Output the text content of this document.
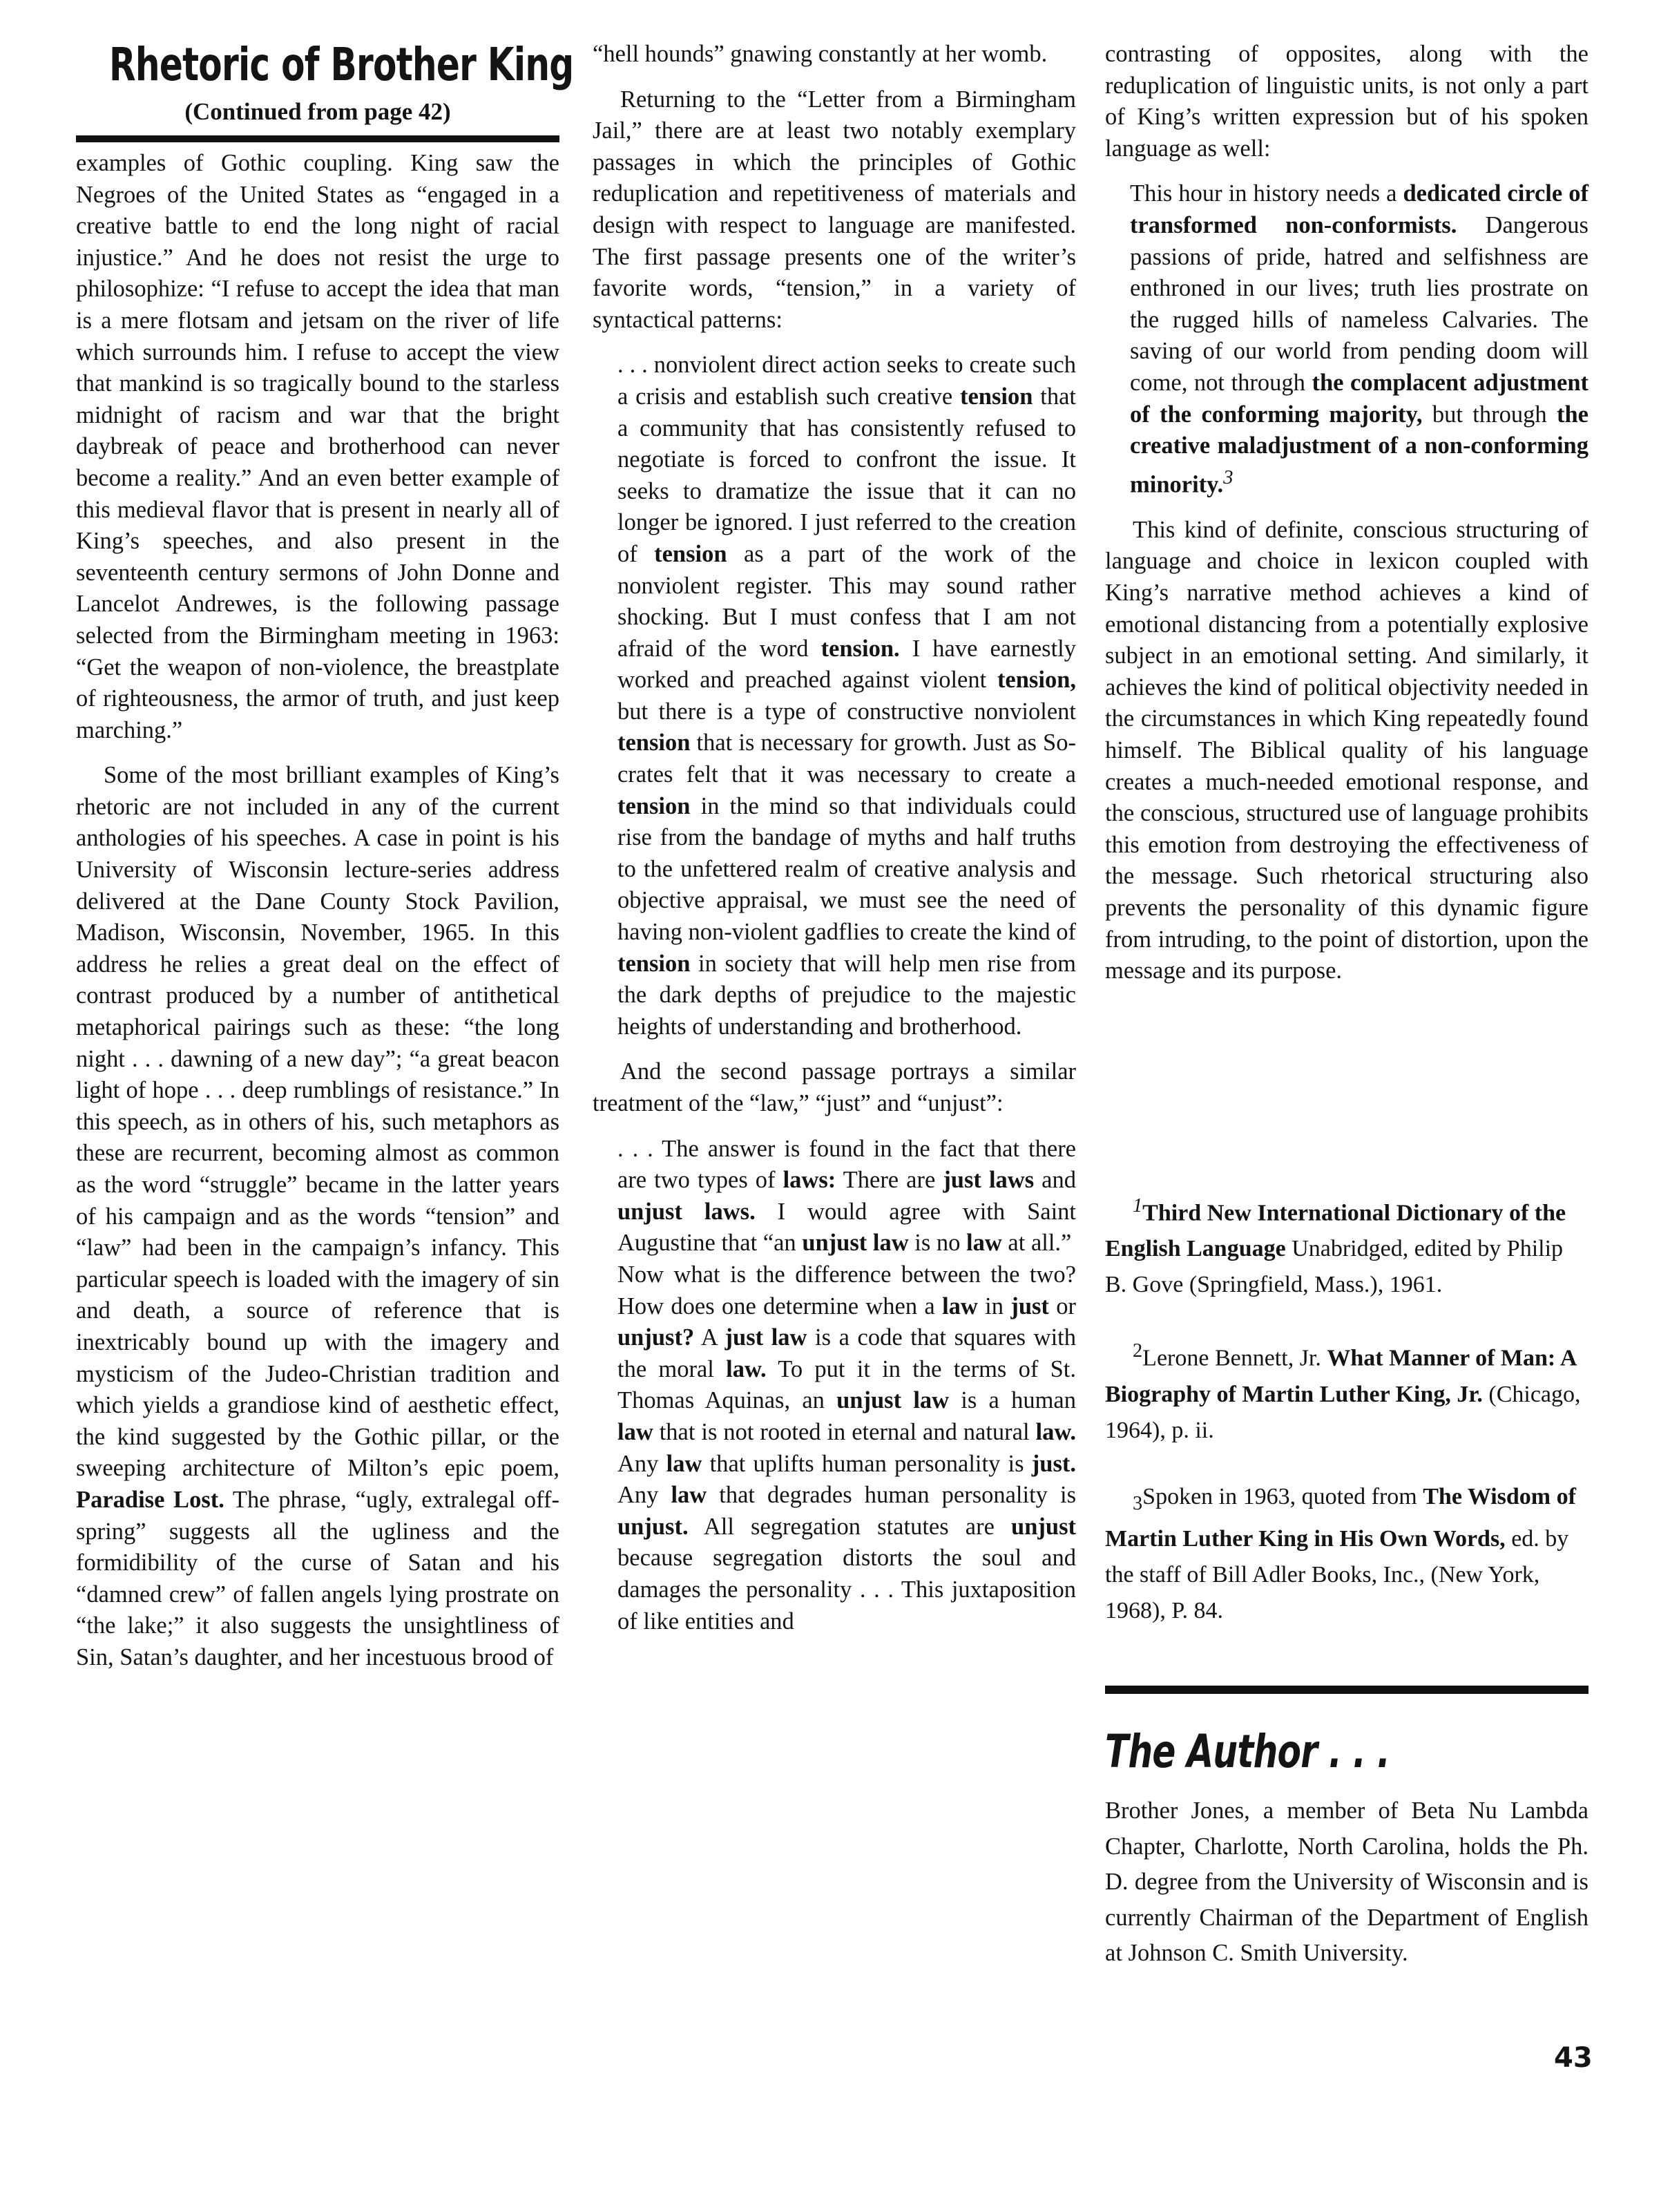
Rhetoric of Brother King
(Continued from page 42)

examples of Gothic coupling. King saw the Negroes of the United States as “engaged in a creative battle to end the long night of racial injustice.” And he does not resist the urge to philosophize: “I refuse to accept the idea that man is a mere flotsam and jetsam on the river of life which surrounds him. I refuse to accept the view that mankind is so tragically bound to the starless midnight of racism and war that the bright daybreak of peace and brotherhood can never become a reality.” And an even better example of this medieval flavor that is present in nearly all of King’s speeches, and also present in the seventeenth century sermons of John Donne and Lancelot Andrewes, is the following passage selected from the Birmingham meeting in 1963: “Get the weapon of non-violence, the breastplate of righteousness, the armor of truth, and just keep marching.”

Some of the most brilliant examples of King’s rhetoric are not included in any of the current anthologies of his speeches. A case in point is his University of Wisconsin lecture-series address delivered at the Dane County Stock Pavilion, Madison, Wisconsin, November, 1965. In this address he relies a great deal on the effect of contrast produced by a number of antithetical metaphorical pairings such as these: “the long night . . . dawning of a new day”; “a great beacon light of hope . . . deep rumblings of resistance.” In this speech, as in others of his, such metaphors as these are recurrent, becoming almost as common as the word “struggle” became in the latter years of his campaign and as the words “tension” and “law” had been in the campaign’s infancy. This particular speech is loaded with the imagery of sin and death, a source of reference that is inextricably bound up with the imagery and mysticism of the Judeo-Christian tradition and which yields a grandiose kind of aesthetic effect, the kind suggested by the Gothic pillar, or the sweeping architecture of Milton’s epic poem, Paradise Lost. The phrase, “ugly, extralegal offspring” suggests all the ugliness and the formidibility of the curse of Satan and his “damned crew” of fallen angels lying prostrate on “the lake;” it also suggests the unsightliness of Sin, Satan’s daughter, and her incestuous brood of

“hell hounds” gnawing constantly at her womb.

Returning to the “Letter from a Birmingham Jail,” there are at least two notably exemplary passages in which the principles of Gothic reduplication and repetitiveness of materials and design with respect to language are manifested. The first passage presents one of the writer’s favorite words, “tension,” in a variety of syntactical patterns:

. . . nonviolent direct action seeks to create such a crisis and establish such creative tension that a community that has consistently refused to negotiate is forced to confront the issue. It seeks to dramatize the issue that it can no longer be ignored. I just referred to the creation of tension as a part of the work of the nonviolent register. This may sound rather shocking. But I must confess that I am not afraid of the word tension. I have earnestly worked and preached against violent tension, but there is a type of constructive nonviolent tension that is necessary for growth. Just as Socrates felt that it was necessary to create a tension in the mind so that individuals could rise from the bandage of myths and half truths to the unfettered realm of creative analysis and objective appraisal, we must see the need of having non-violent gadflies to create the kind of tension in society that will help men rise from the dark depths of prejudice to the majestic heights of understanding and brotherhood.

And the second passage portrays a similar treatment of the “law,” “just” and “unjust”:

. . . The answer is found in the fact that there are two types of laws: There are just laws and unjust laws. I would agree with Saint Augustine that “an unjust law is no law at all.”
Now what is the difference between the two? How does one determine when a law in just or unjust? A just law is a code that squares with the moral law. To put it in the terms of St. Thomas Aquinas, an unjust law is a human law that is not rooted in eternal and natural law. Any law that uplifts human personality is just. Any law that degrades human personality is unjust. All segregation statutes are unjust because segregation distorts the soul and damages the personality . . . This juxtaposition of like entities and

contrasting of opposites, along with the reduplication of linguistic units, is not only a part of King’s written expression but of his spoken language as well:

This hour in history needs a dedicated circle of transformed non-conformists. Dangerous passions of pride, hatred and selfishness are enthroned in our lives; truth lies prostrate on the rugged hills of nameless Calvaries. The saving of our world from pending doom will come, not through the complacent adjustment of the conforming majority, but through the creative maladjustment of a non-conforming minority.$^3$

This kind of definite, conscious structuring of language and choice in lexicon coupled with King’s narrative method achieves a kind of emotional distancing from a potentially explosive subject in an emotional setting. And similarly, it achieves the kind of political objectivity needed in the circumstances in which King repeatedly found himself. The Biblical quality of his language creates a much-needed emotional response, and the conscious, structured use of language prohibits this emotion from destroying the effectiveness of the message. Such rhetorical structuring also prevents the personality of this dynamic figure from intruding, to the point of distortion, upon the message and its purpose.

$^1$Third New International Dictionary of the English Language Unabridged, edited by Philip B. Gove (Springfield, Mass.), 1961.

$^2$Lerone Bennett, Jr. What Manner of Man: A Biography of Martin Luther King, Jr. (Chicago, 1964), p. ii.

$_3$Spoken in 1963, quoted from The Wisdom of Martin Luther King in His Own Words, ed. by the staff of Bill Adler Books, Inc., (New York, 1968), P. 84.

The Author . . .
Brother Jones, a member of Beta Nu Lambda Chapter, Charlotte, North Carolina, holds the Ph. D. degree from the University of Wisconsin and is currently Chairman of the Department of English at Johnson C. Smith University.
43
